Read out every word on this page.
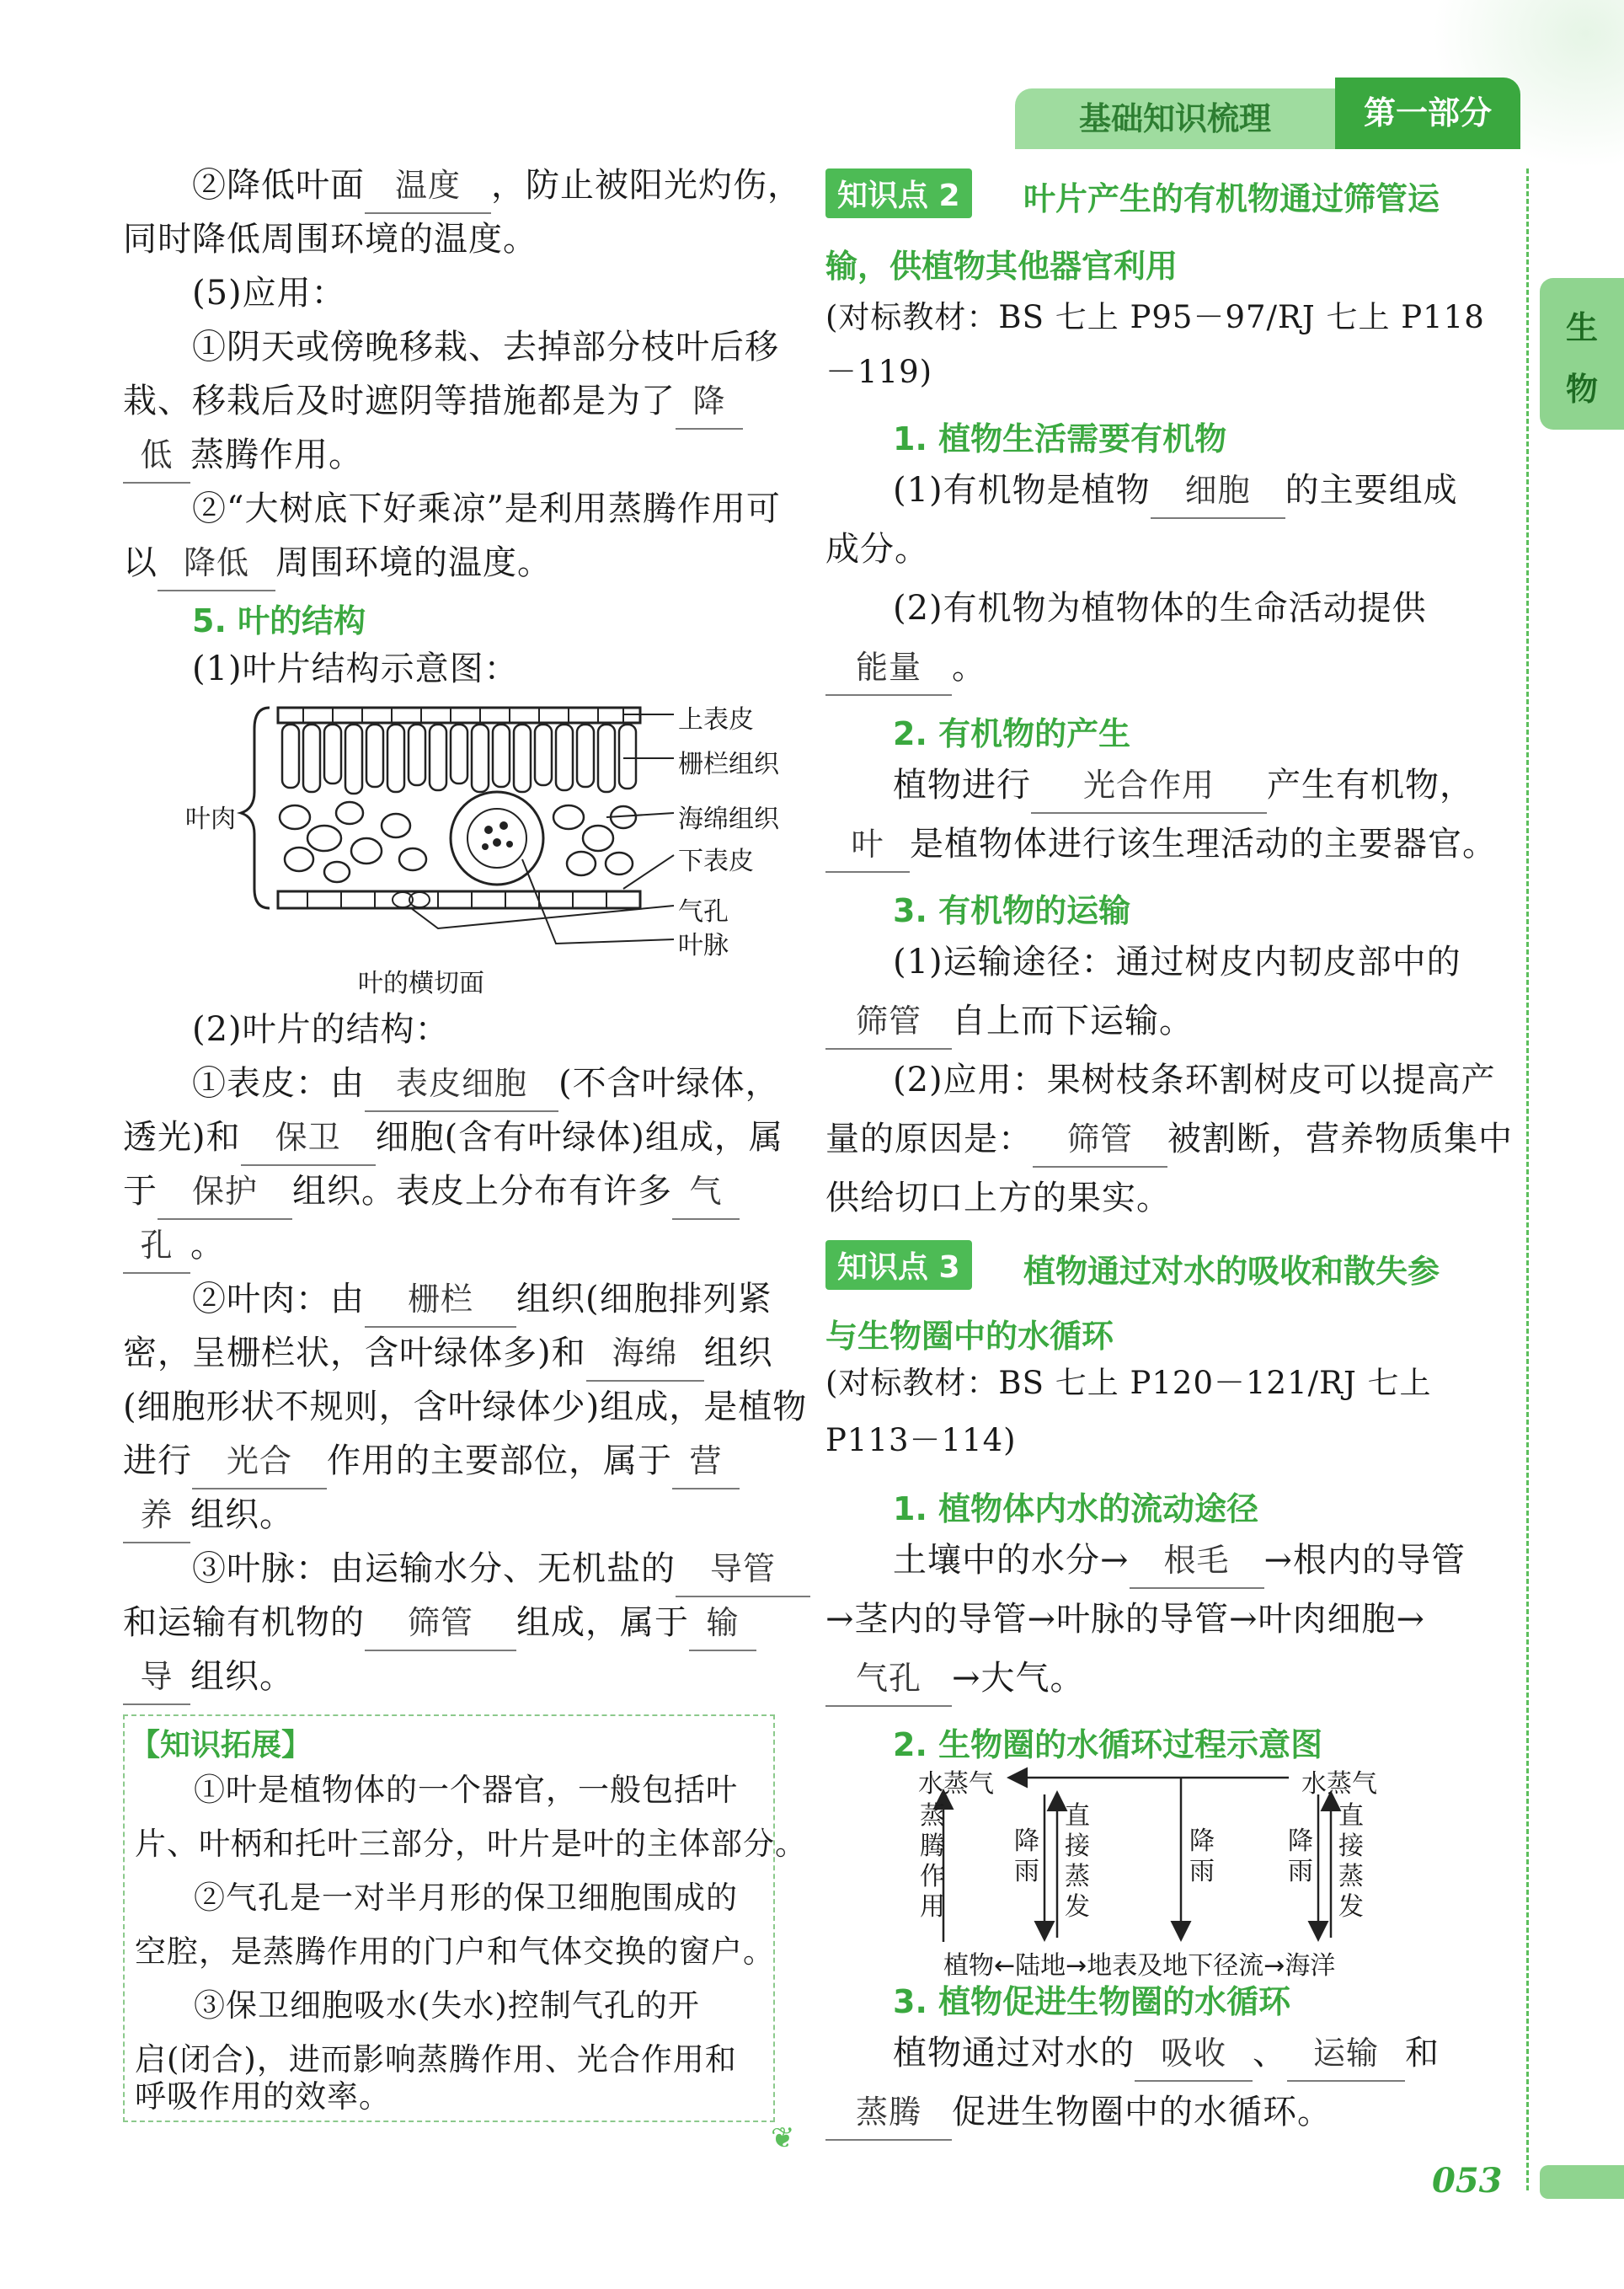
基础知识梳理	第一部分
生
物
②降低叶面 温度 ，防止被阳光灼伤，
同时降低周围环境的温度。
(5)应用：
①阴天或傍晚移栽、去掉部分枝叶后移
栽、移栽后及时遮阴等措施都是为了 降
低 蒸腾作用。
②“大树底下好乘凉”是利用蒸腾作用可
以 降低 周围环境的温度。
5. 叶的结构
(1)叶片结构示意图：
叶肉
上表皮
栅栏组织
海绵组织
下表皮
气孔
叶脉
叶的横切面
(2)叶片的结构：
①表皮：由 表皮细胞 (不含叶绿体，
透光)和 保卫 细胞(含有叶绿体)组成，属
于 保护 组织。表皮上分布有许多 气
孔 。
②叶肉：由 栅栏 组织(细胞排列紧
密，呈栅栏状，含叶绿体多)和 海绵 组织
(细胞形状不规则，含叶绿体少)组成，是植物
进行 光合 作用的主要部位，属于 营
养 组织。
③叶脉：由运输水分、无机盐的 导管
和运输有机物的 筛管 组成，属于 输
导 组织。
【知识拓展】
①叶是植物体的一个器官，一般包括叶
片、叶柄和托叶三部分，叶片是叶的主体部分。
②气孔是一对半月形的保卫细胞围成的
空腔，是蒸腾作用的门户和气体交换的窗户。
③保卫细胞吸水(失水)控制气孔的开
启(闭合)，进而影响蒸腾作用、光合作用和
呼吸作用的效率。
❦
知识点 2	叶片产生的有机物通过筛管运
输，供植物其他器官利用
(对标教材：BS 七上 P95－97/RJ 七上 P118
－119)
1. 植物生活需要有机物
(1)有机物是植物 细胞 的主要组成
成分。
(2)有机物为植物体的生命活动提供
能量 。
2. 有机物的产生
植物进行 光合作用 产生有机物，
叶 是植物体进行该生理活动的主要器官。
3. 有机物的运输
(1)运输途径：通过树皮内韧皮部中的
筛管 自上而下运输。
(2)应用：果树枝条环割树皮可以提高产
量的原因是： 筛管 被割断，营养物质集中
供给切口上方的果实。
知识点 3	植物通过对水的吸收和散失参
与生物圈中的水循环
(对标教材：BS 七上 P120－121/RJ 七上
P113－114)
1. 植物体内水的流动途径
土壤中的水分→ 根毛 →根内的导管
→茎内的导管→叶脉的导管→叶肉细胞→
气孔 →大气。
2. 生物圈的水循环过程示意图
水蒸气	水蒸气
蒸腾作用
降雨
直接蒸发
降雨
降雨
直接蒸发
植物←陆地→地表及地下径流→海洋
3. 植物促进生物圈的水循环
植物通过对水的 吸收 、 运输 和
蒸腾 促进生物圈中的水循环。
053
